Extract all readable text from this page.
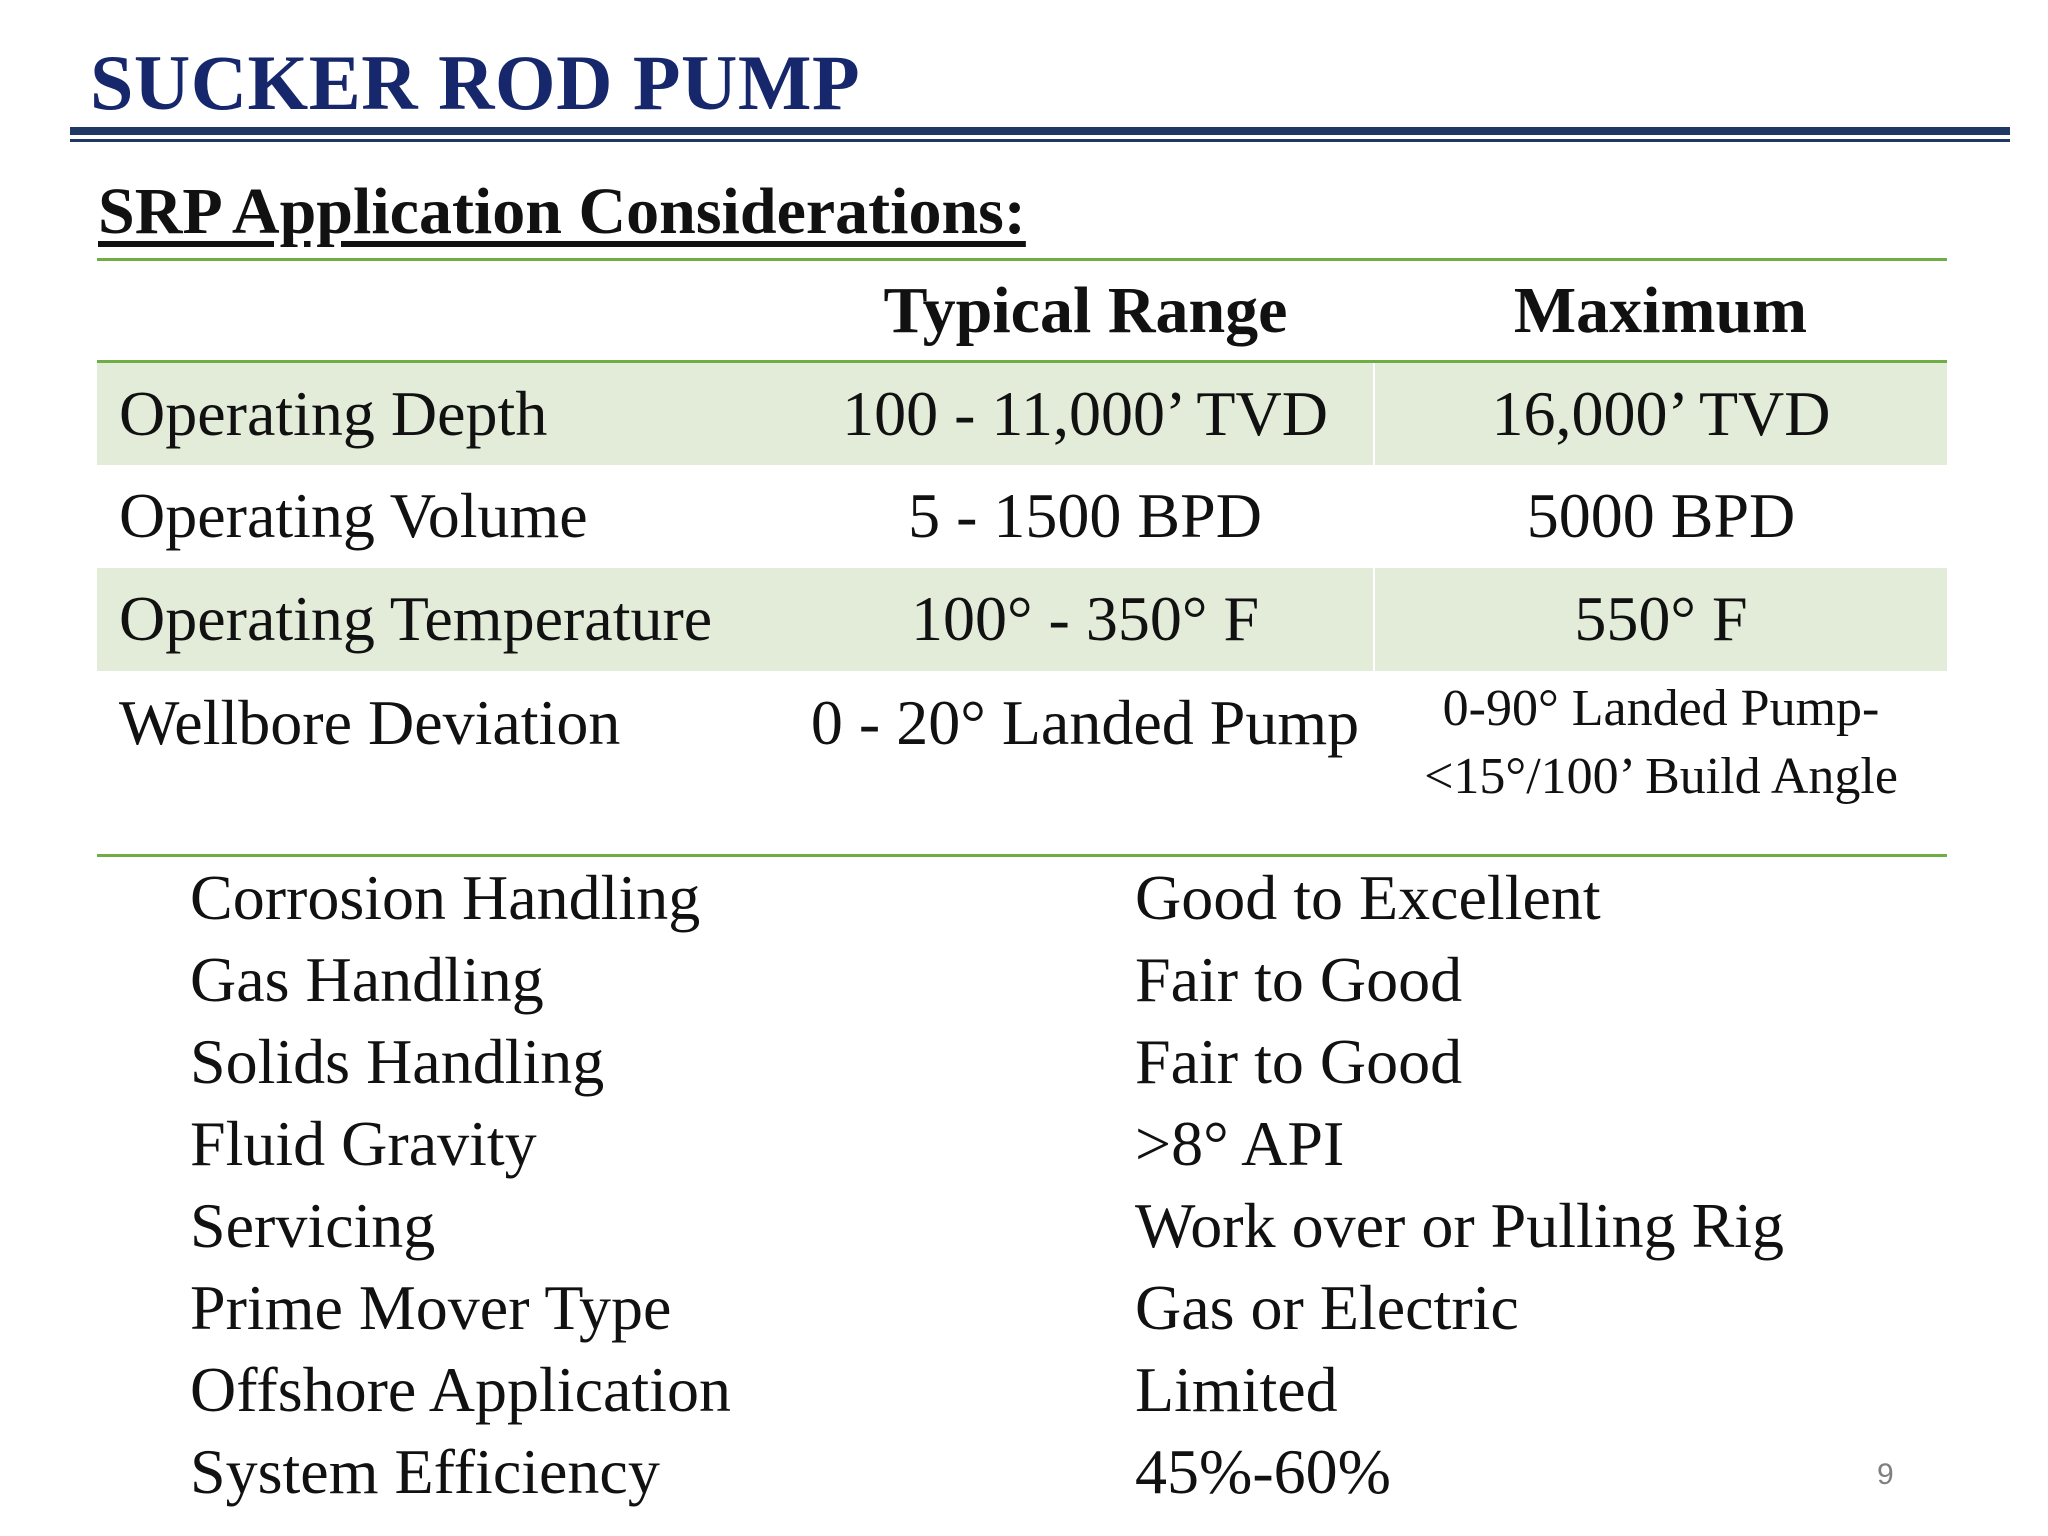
SUCKER ROD PUMP
SRP Application Considerations:
	Typical Range	Maximum
Operating Depth	100 - 11,000’ TVD	16,000’ TVD
Operating Volume	5 - 1500 BPD	5000 BPD
Operating Temperature	100° - 350° F	550° F
Wellbore Deviation	0 - 20° Landed Pump	0-90° Landed Pump- <15°/100’ Build Angle
Corrosion Handling	Good to Excellent
Gas Handling	Fair to Good
Solids Handling	Fair to Good
Fluid Gravity	>8° API
Servicing	Work over or Pulling Rig
Prime Mover Type	Gas or Electric
Offshore Application	Limited
System Efficiency	45%-60%	9
